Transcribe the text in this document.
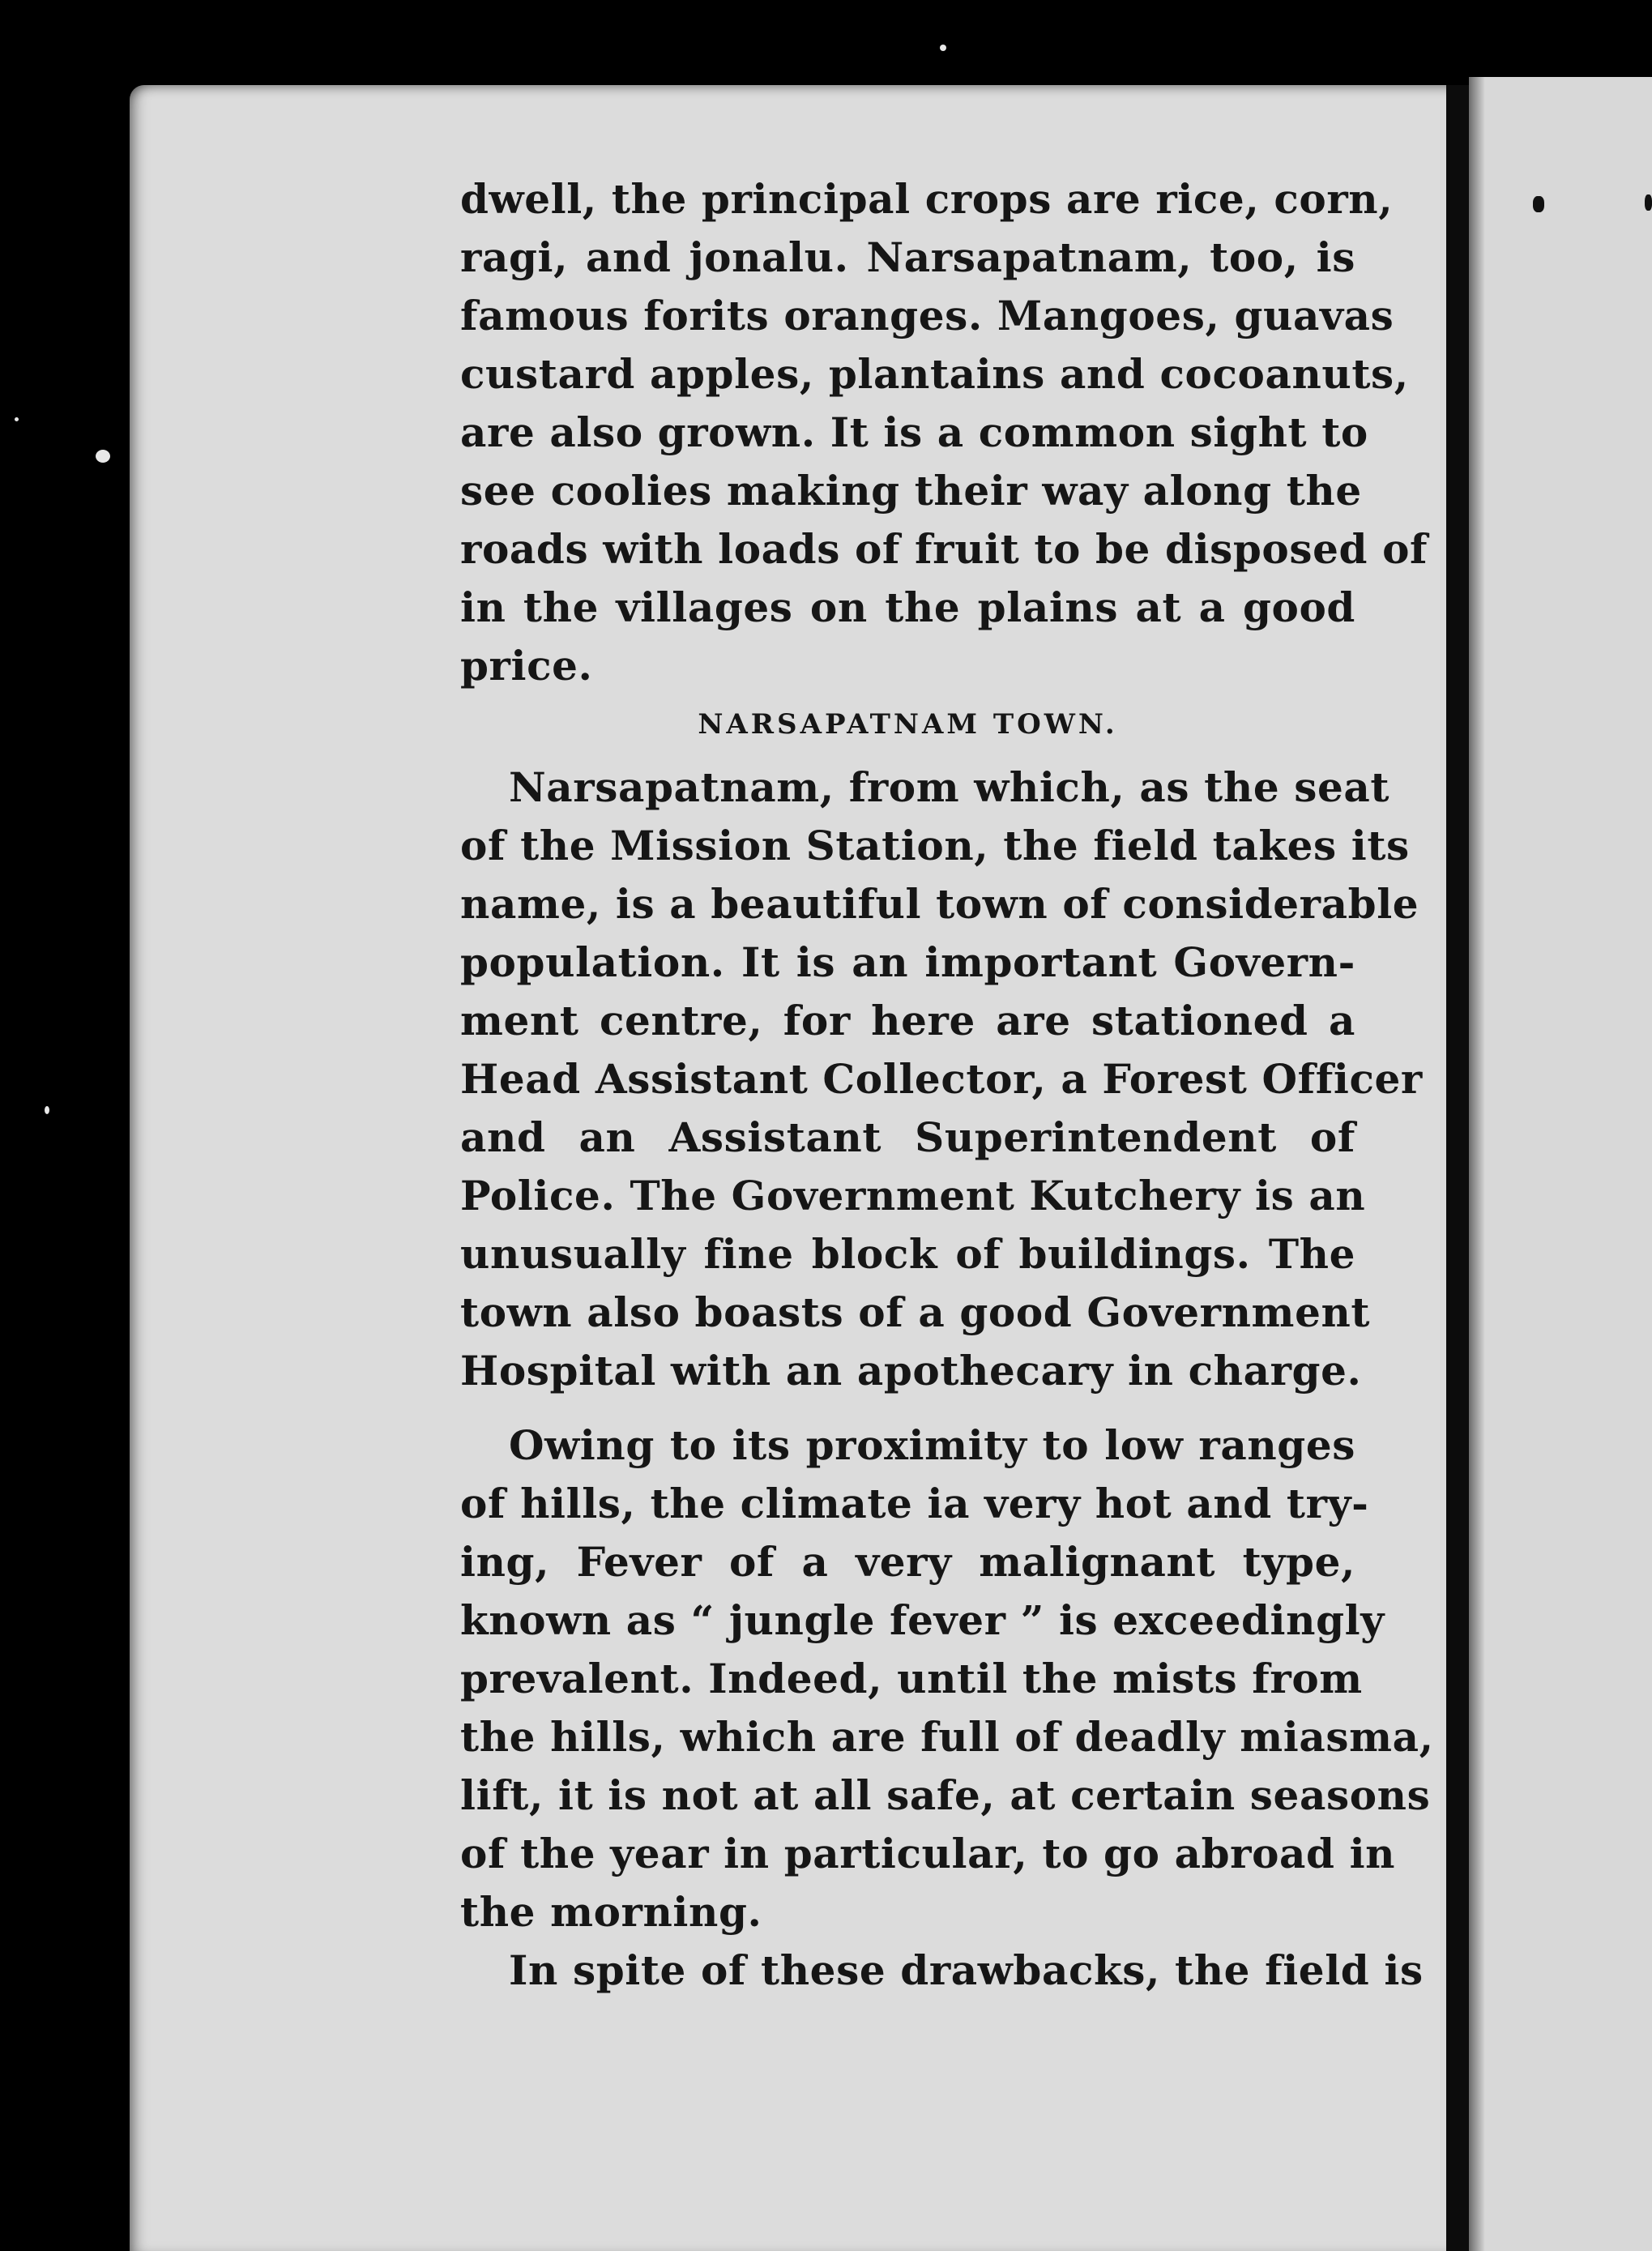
dwell, the principal crops are rice, corn,
ragi, and jonalu. Narsapatnam, too, is
famous forits oranges. Mangoes, guavas
custard apples, plantains and cocoanuts,
are also grown. It is a common sight to
see coolies making their way along the
roads with loads of fruit to be disposed of
in the villages on the plains at a good
price.
NARSAPATNAM TOWN.
Narsapatnam, from which, as the seat
of the Mission Station, the field takes its
name, is a beautiful town of considerable
population. It is an important Govern-
ment centre, for here are stationed a
Head Assistant Collector, a Forest Officer
and an Assistant Superintendent of
Police. The Government Kutchery is an
unusually fine block of buildings. The
town also boasts of a good Government
Hospital with an apothecary in charge.
Owing to its proximity to low ranges
of hills, the climate ia very hot and try-
ing, Fever of a very malignant type,
known as “ jungle fever ” is exceedingly
prevalent. Indeed, until the mists from
the hills, which are full of deadly miasma,
lift, it is not at all safe, at certain seasons
of the year in particular, to go abroad in
the morning.
In spite of these drawbacks, the field is
